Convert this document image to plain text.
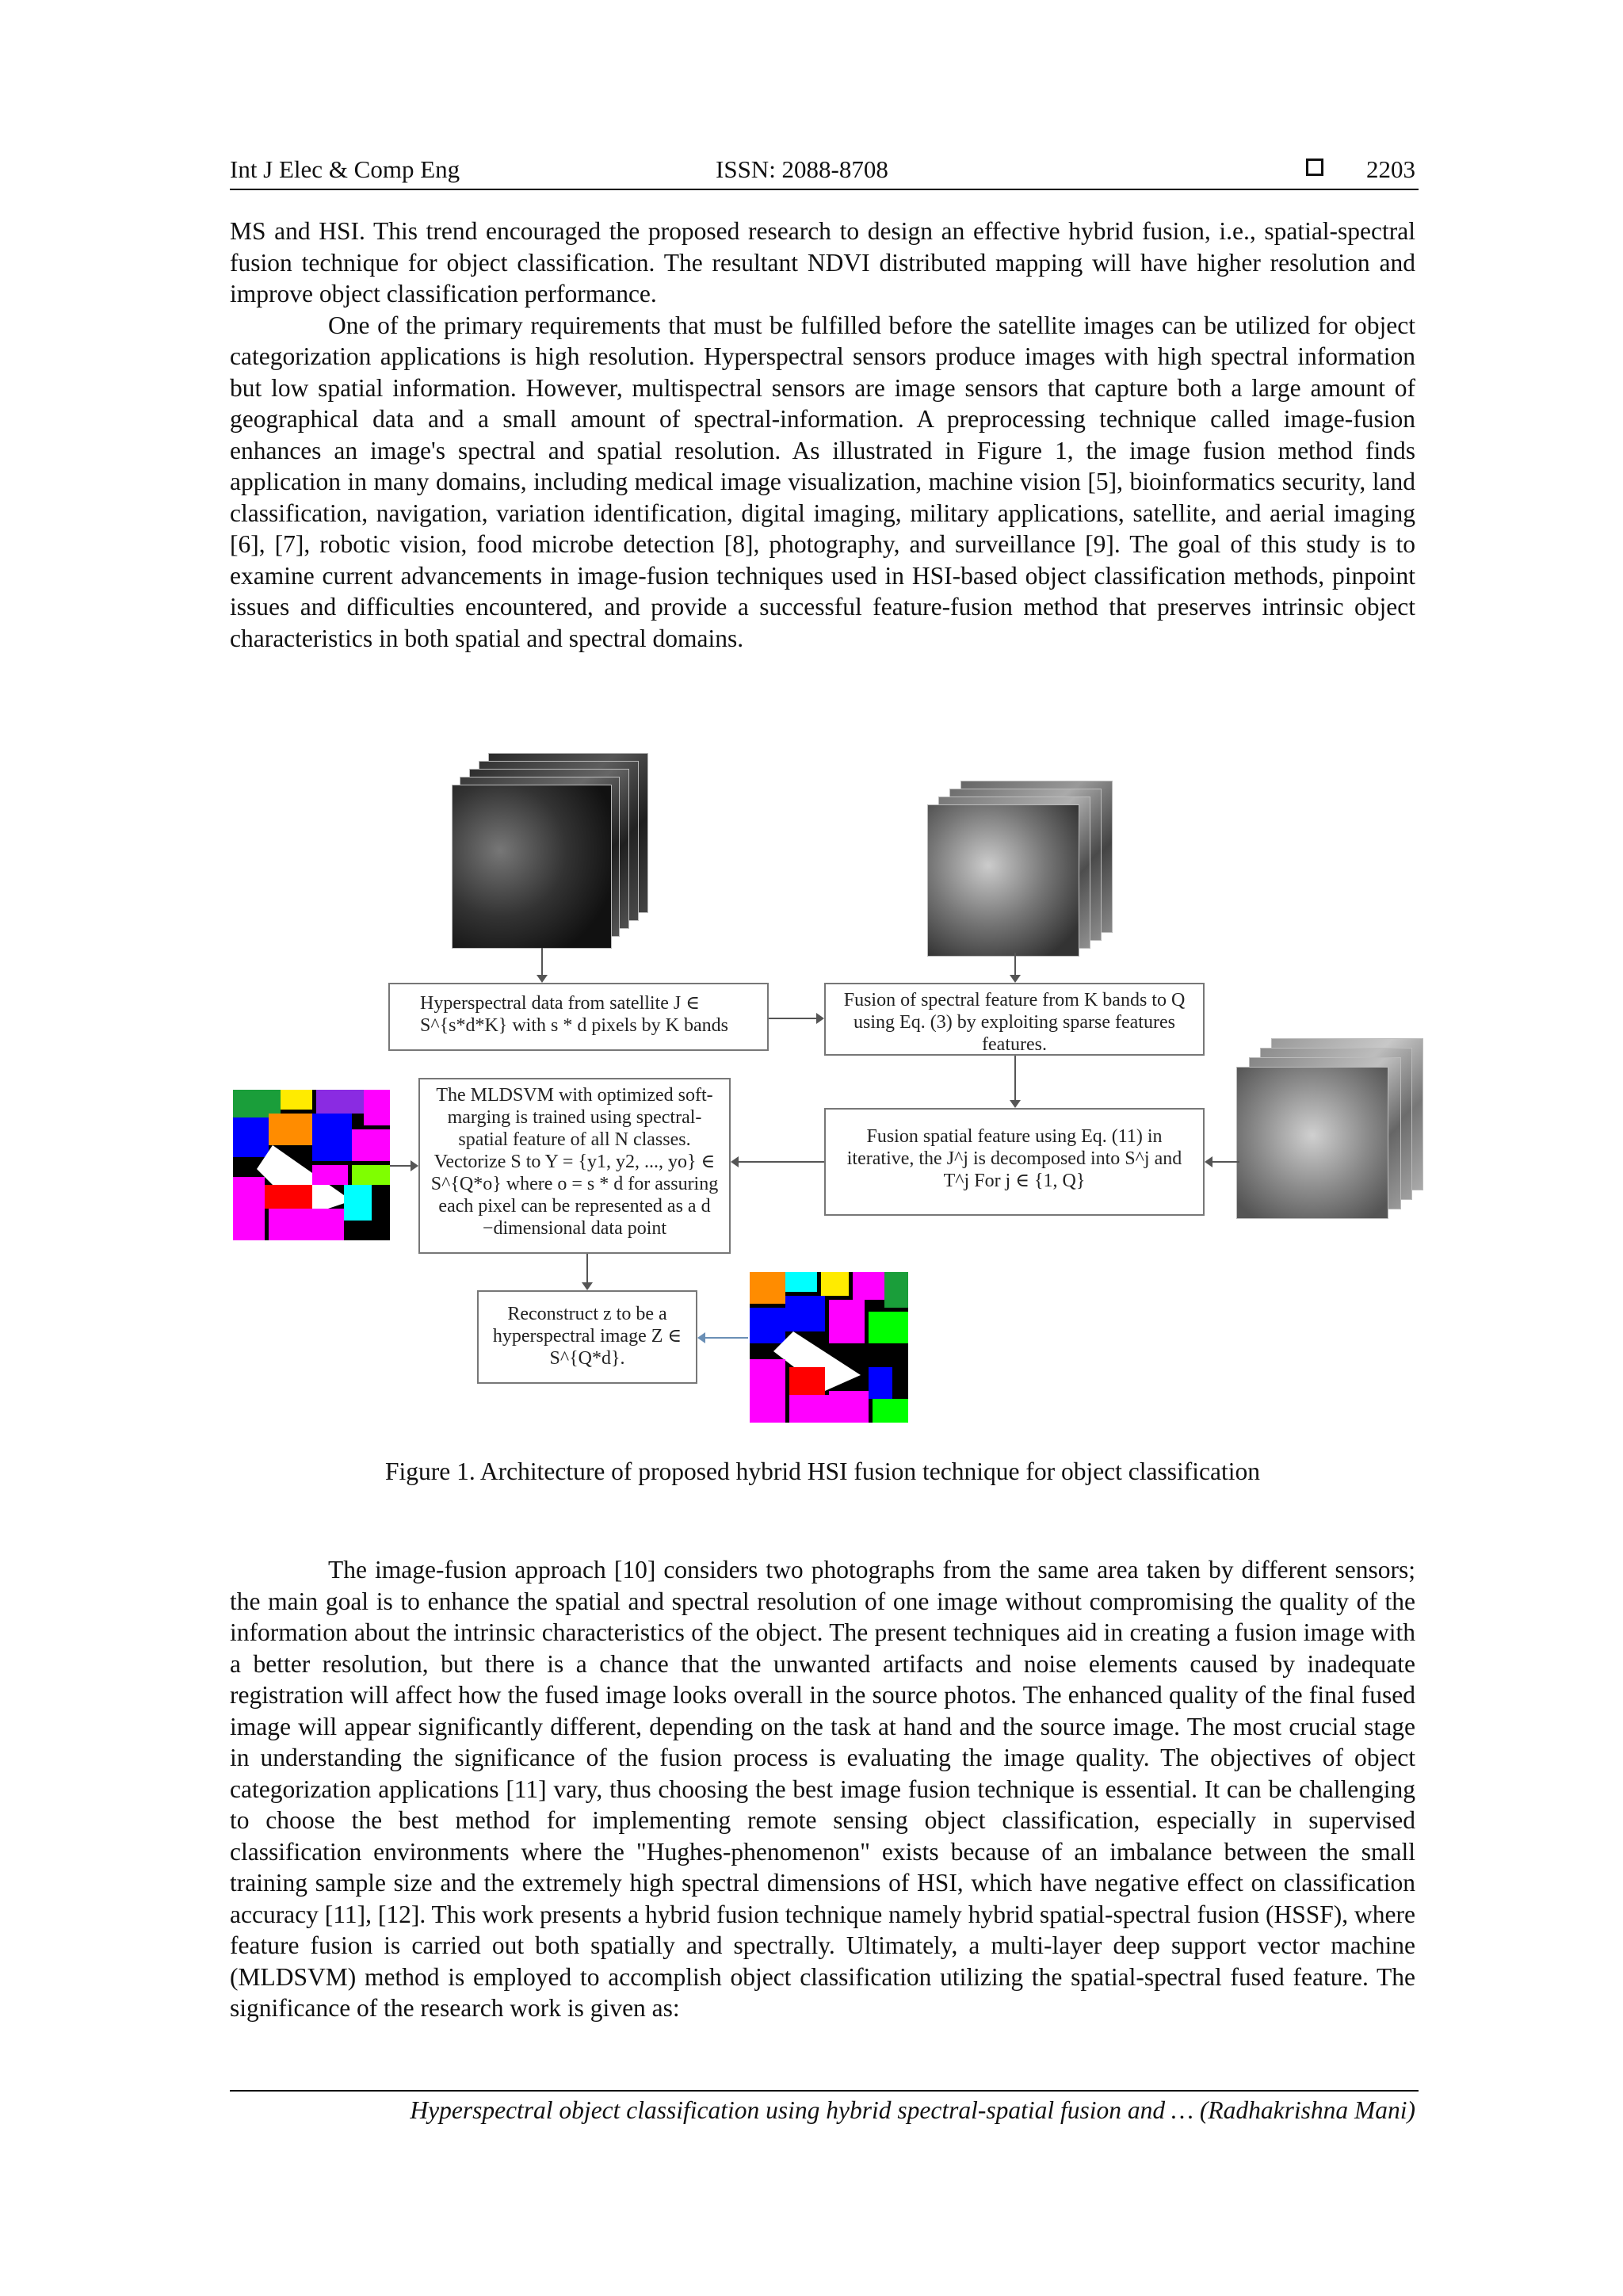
Int J Elec & Comp Eng	ISSN: 2088-8708	2203

MS and HSI. This trend encouraged the proposed research to design an effective hybrid fusion, i.e., spatial-spectral fusion technique for object classification. The resultant NDVI distributed mapping will have higher resolution and improve object classification performance.

One of the primary requirements that must be fulfilled before the satellite images can be utilized for object categorization applications is high resolution. Hyperspectral sensors produce images with high spectral information but low spatial information. However, multispectral sensors are image sensors that capture both a large amount of geographical data and a small amount of spectral-information. A preprocessing technique called image-fusion enhances an image's spectral and spatial resolution. As illustrated in Figure 1, the image fusion method finds application in many domains, including medical image visualization, machine vision [5], bioinformatics security, land classification, navigation, variation identification, digital imaging, military applications, satellite, and aerial imaging [6], [7], robotic vision, food microbe detection [8], photography, and surveillance [9]. The goal of this study is to examine current advancements in image-fusion techniques used in HSI-based object classification methods, pinpoint issues and difficulties encountered, and provide a successful feature-fusion method that preserves intrinsic object characteristics in both spatial and spectral domains.

Hyperspectral data from satellite J ∈ S^{s*d*K} with s * d pixels by K bands
Fusion of spectral feature from K bands to Q using Eq. (3) by exploiting sparse features features.
The MLDSVM with optimized soft-marging is trained using spectral-spatial feature of all N classes. Vectorize S to Y = {y1, y2, ..., yo} ∈ S^{Q*o} where o = s * d for assuring each pixel can be represented as a d −dimensional data point
Fusion spatial feature using Eq. (11) in iterative, the J^j is decomposed into S^j and T^j For j ∈ {1, Q}
Reconstruct z to be a hyperspectral image Z ∈ S^{Q*d}.
Figure 1. Architecture of proposed hybrid HSI fusion technique for object classification

The image-fusion approach [10] considers two photographs from the same area taken by different sensors; the main goal is to enhance the spatial and spectral resolution of one image without compromising the quality of the information about the intrinsic characteristics of the object. The present techniques aid in creating a fusion image with a better resolution, but there is a chance that the unwanted artifacts and noise elements caused by inadequate registration will affect how the fused image looks overall in the source photos. The enhanced quality of the final fused image will appear significantly different, depending on the task at hand and the source image. The most crucial stage in understanding the significance of the fusion process is evaluating the image quality. The objectives of object categorization applications [11] vary, thus choosing the best image fusion technique is essential. It can be challenging to choose the best method for implementing remote sensing object classification, especially in supervised classification environments where the "Hughes-phenomenon" exists because of an imbalance between the small training sample size and the extremely high spectral dimensions of HSI, which have negative effect on classification accuracy [11], [12]. This work presents a hybrid fusion technique namely hybrid spatial-spectral fusion (HSSF), where feature fusion is carried out both spatially and spectrally. Ultimately, a multi-layer deep support vector machine (MLDSVM) method is employed to accomplish object classification utilizing the spatial-spectral fused feature. The significance of the research work is given as:

Hyperspectral object classification using hybrid spectral-spatial fusion and … (Radhakrishna Mani)
